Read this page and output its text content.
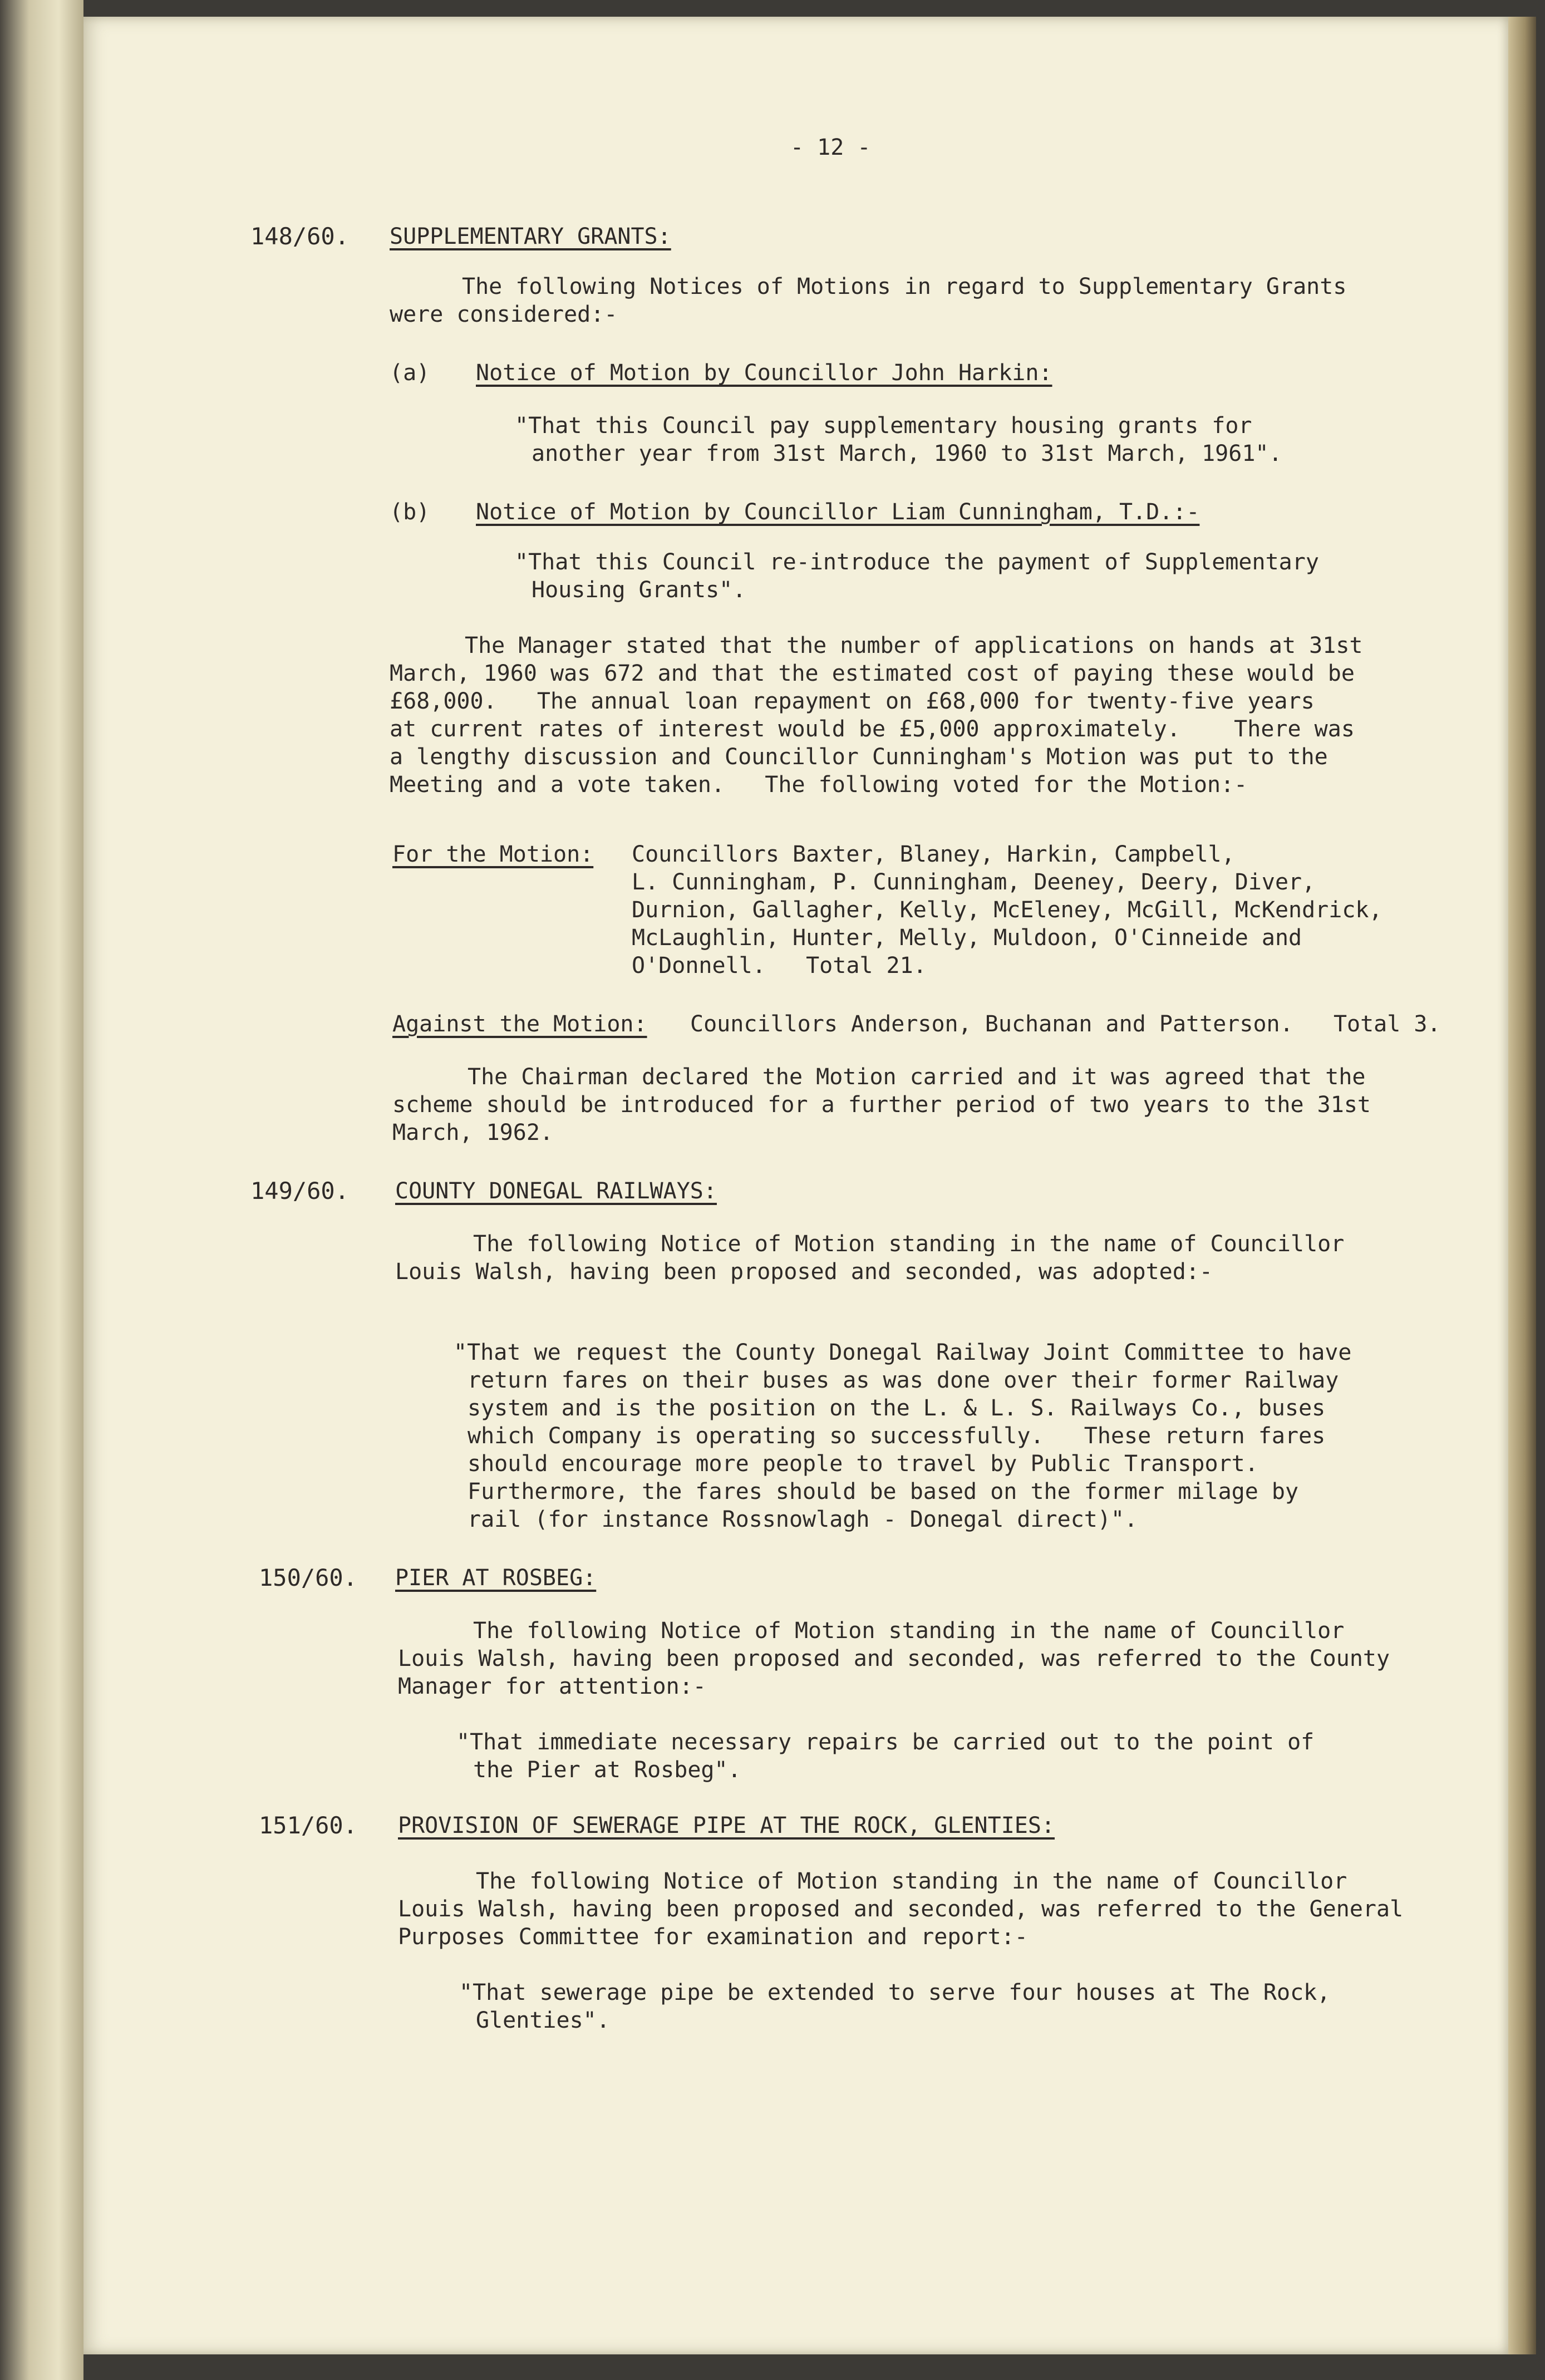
- 12 -
148/60. SUPPLEMENTARY GRANTS:
The following Notices of Motions in regard to Supplementary Grants
were considered:-
(a) Notice of Motion by Councillor John Harkin:
"That this Council pay supplementary housing grants for
another year from 31st March, 1960 to 31st March, 1961".
(b) Notice of Motion by Councillor Liam Cunningham, T.D.:-
"That this Council re-introduce the payment of Supplementary
Housing Grants".
The Manager stated that the number of applications on hands at 31st
March, 1960 was 672 and that the estimated cost of paying these would be
£68,000.   The annual loan repayment on £68,000 for twenty-five years
at current rates of interest would be £5,000 approximately.    There was
a lengthy discussion and Councillor Cunningham's Motion was put to the
Meeting and a vote taken.   The following voted for the Motion:-
For the Motion: Councillors Baxter, Blaney, Harkin, Campbell,
L. Cunningham, P. Cunningham, Deeney, Deery, Diver,
Durnion, Gallagher, Kelly, McEleney, McGill, McKendrick,
McLaughlin, Hunter, Melly, Muldoon, O'Cinneide and
O'Donnell.   Total 21.
Against the Motion: Councillors Anderson, Buchanan and Patterson.   Total 3.
The Chairman declared the Motion carried and it was agreed that the
scheme should be introduced for a further period of two years to the 31st
March, 1962.
149/60. COUNTY DONEGAL RAILWAYS:
The following Notice of Motion standing in the name of Councillor
Louis Walsh, having been proposed and seconded, was adopted:-
"That we request the County Donegal Railway Joint Committee to have
return fares on their buses as was done over their former Railway
system and is the position on the L. & L. S. Railways Co., buses
which Company is operating so successfully.   These return fares
should encourage more people to travel by Public Transport.
Furthermore, the fares should be based on the former milage by
rail (for instance Rossnowlagh - Donegal direct)".
150/60. PIER AT ROSBEG:
The following Notice of Motion standing in the name of Councillor
Louis Walsh, having been proposed and seconded, was referred to the County
Manager for attention:-
"That immediate necessary repairs be carried out to the point of
the Pier at Rosbeg".
151/60. PROVISION OF SEWERAGE PIPE AT THE ROCK, GLENTIES:
The following Notice of Motion standing in the name of Councillor
Louis Walsh, having been proposed and seconded, was referred to the General
Purposes Committee for examination and report:-
"That sewerage pipe be extended to serve four houses at The Rock,
Glenties".
